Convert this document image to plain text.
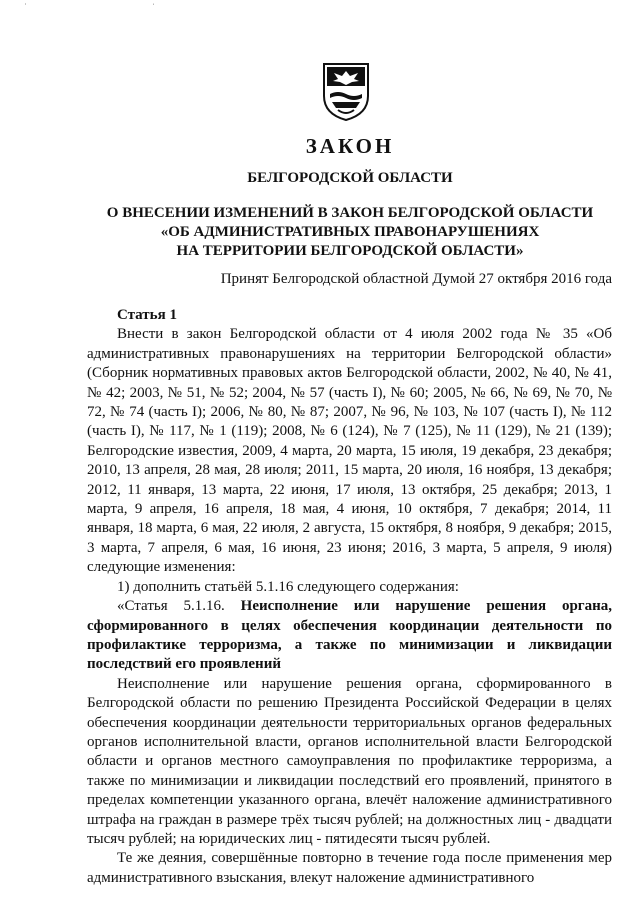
ʾ	ˈ
ЗАКОН
БЕЛГОРОДСКОЙ ОБЛАСТИ
О ВНЕСЕНИИ ИЗМЕНЕНИЙ В ЗАКОН БЕЛГОРОДСКОЙ ОБЛАСТИ
«ОБ АДМИНИСТРАТИВНЫХ ПРАВОНАРУШЕНИЯХ
НА ТЕРРИТОРИИ БЕЛГОРОДСКОЙ ОБЛАСТИ»
Принят Белгородской областной Думой 27 октября 2016 года

Статья 1

Внести в закон Белгородской области от 4 июля 2002 года № 35 «Об административных правонарушениях на территории Белгородской области» (Сборник нормативных правовых актов Белгородской области, 2002, № 40, № 41, № 42; 2003, № 51, № 52; 2004, № 57 (часть I), № 60; 2005, № 66, № 69, № 70, № 72, № 74 (часть I); 2006, № 80, № 87; 2007, № 96, № 103, № 107 (часть I), № 112 (часть I), № 117, № 1 (119); 2008, № 6 (124), № 7 (125), № 11 (129), № 21 (139); Белгородские известия, 2009, 4 марта, 20 марта, 15 июля, 19 декабря, 23 декабря; 2010, 13 апреля, 28 мая, 28 июля; 2011, 15 марта, 20 июля, 16 ноября, 13 декабря; 2012, 11 января, 13 марта, 22 июня, 17 июля, 13 октября, 25 декабря; 2013, 1 марта, 9 апреля, 16 апреля, 18 мая, 4 июня, 10 октября, 7 декабря; 2014, 11 января, 18 марта, 6 мая, 22 июля, 2 августа, 15 октября, 8 ноября, 9 декабря; 2015, 3 марта, 7 апреля, 6 мая, 16 июня, 23 июня; 2016, 3 марта, 5 апреля, 9 июля) следующие изменения:

1) дополнить статьёй 5.1.16 следующего содержания:

«Статья 5.1.16. Неисполнение или нарушение решения органа, сформированного в целях обеспечения координации деятельности по профилактике терроризма, а также по минимизации и ликвидации последствий его проявлений

Неисполнение или нарушение решения органа, сформированного в Белгородской области по решению Президента Российской Федерации в целях обеспечения координации деятельности территориальных органов федеральных органов исполнительной власти, органов исполнительной власти Белгородской области и органов местного самоуправления по профилактике терроризма, а также по минимизации и ликвидации последствий его проявлений, принятого в пределах компетенции указанного органа, влечёт наложение административного штрафа на граждан в размере трёх тысяч рублей; на должностных лиц - двадцати тысяч рублей; на юридических лиц - пятидесяти тысяч рублей.

Те же деяния, совершённые повторно в течение года после применения мер административного взыскания, влекут наложение административного
